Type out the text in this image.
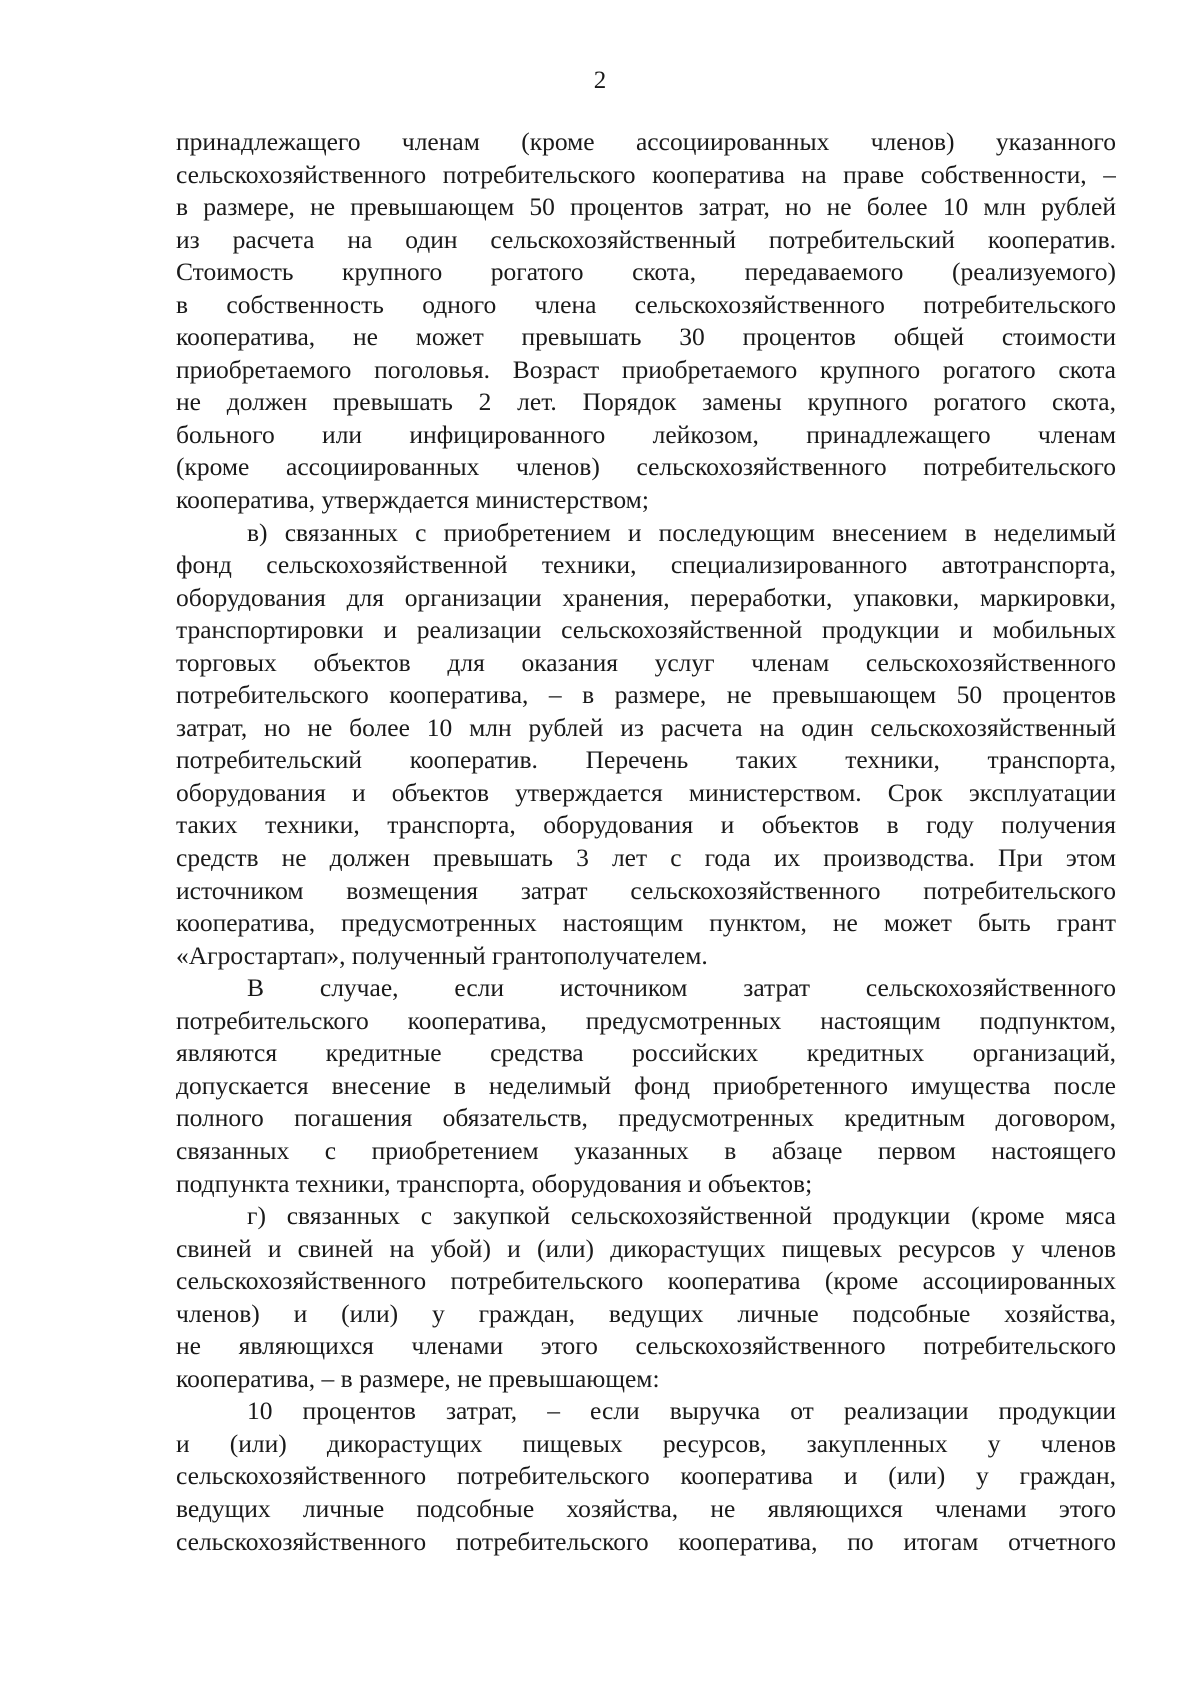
2
принадлежащего членам (кроме ассоциированных членов) указанного
сельскохозяйственного потребительского кооператива на праве собственности, –
в размере, не превышающем 50 процентов затрат, но не более 10 млн рублей
из расчета на один сельскохозяйственный потребительский кооператив.
Стоимость крупного рогатого скота, передаваемого (реализуемого)
в собственность одного члена сельскохозяйственного потребительского
кооператива, не может превышать 30 процентов общей стоимости
приобретаемого поголовья. Возраст приобретаемого крупного рогатого скота
не должен превышать 2 лет. Порядок замены крупного рогатого скота,
больного или инфицированного лейкозом, принадлежащего членам
(кроме ассоциированных членов) сельскохозяйственного потребительского
кооператива, утверждается министерством;
в) связанных с приобретением и последующим внесением в неделимый
фонд сельскохозяйственной техники, специализированного автотранспорта,
оборудования для организации хранения, переработки, упаковки, маркировки,
транспортировки и реализации сельскохозяйственной продукции и мобильных
торговых объектов для оказания услуг членам сельскохозяйственного
потребительского кооператива, – в размере, не превышающем 50 процентов
затрат, но не более 10 млн рублей из расчета на один сельскохозяйственный
потребительский кооператив. Перечень таких техники, транспорта,
оборудования и объектов утверждается министерством. Срок эксплуатации
таких техники, транспорта, оборудования и объектов в году получения
средств не должен превышать 3 лет с года их производства. При этом
источником возмещения затрат сельскохозяйственного потребительского
кооператива, предусмотренных настоящим пунктом, не может быть грант
«Агростартап», полученный грантополучателем.
В случае, если источником затрат сельскохозяйственного
потребительского кооператива, предусмотренных настоящим подпунктом,
являются кредитные средства российских кредитных организаций,
допускается внесение в неделимый фонд приобретенного имущества после
полного погашения обязательств, предусмотренных кредитным договором,
связанных с приобретением указанных в абзаце первом настоящего
подпункта техники, транспорта, оборудования и объектов;
г) связанных с закупкой сельскохозяйственной продукции (кроме мяса
свиней и свиней на убой) и (или) дикорастущих пищевых ресурсов у членов
сельскохозяйственного потребительского кооператива (кроме ассоциированных
членов) и (или) у граждан, ведущих личные подсобные хозяйства,
не являющихся членами этого сельскохозяйственного потребительского
кооператива, – в размере, не превышающем:
10 процентов затрат, – если выручка от реализации продукции
и (или) дикорастущих пищевых ресурсов, закупленных у членов
сельскохозяйственного потребительского кооператива и (или) у граждан,
ведущих личные подсобные хозяйства, не являющихся членами этого
сельскохозяйственного потребительского кооператива, по итогам отчетного
